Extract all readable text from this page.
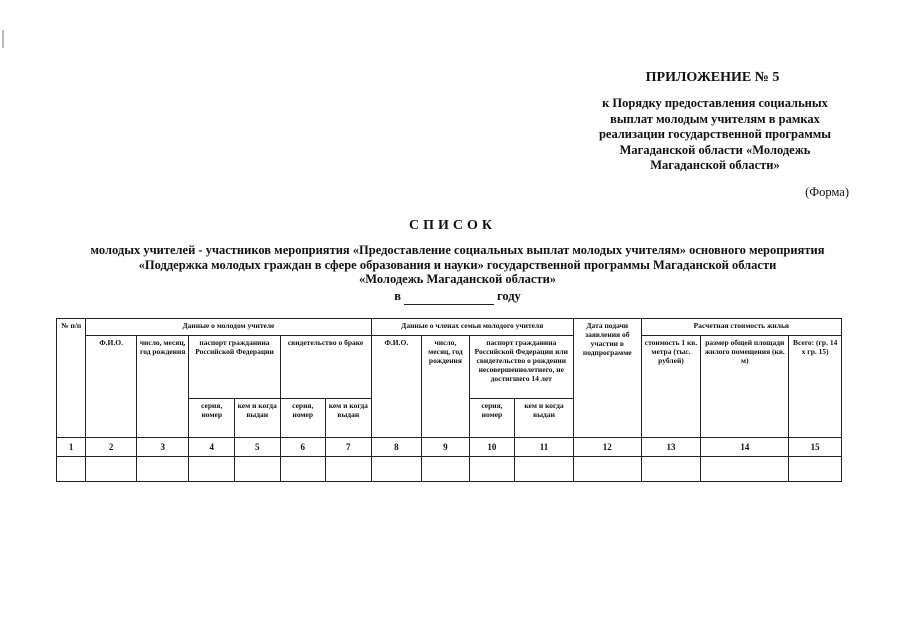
ПРИЛОЖЕНИЕ № 5
к Порядку предоставления социальных
выплат молодым учителям в рамках
реализации государственной программы
Магаданской области «Молодежь
Магаданской области»
(Форма)
СПИСОК
молодых учителей - участников мероприятия «Предоставление социальных выплат молодых учителям» основного мероприятия
«Поддержка молодых граждан в сфере образования и науки» государственной программы Магаданской области
«Молодежь Магаданской области»
в	году
№ п/п	Данные о молодом учителе						Данные о членах семьи молодого учителя				Дата подачи заявления об участии в подпрограмме	Расчетная стоимость жилья		
	Ф.И.О.	число, месяц, год рождения	паспорт гражданина Российской Федерации		свидетельство о браке		Ф.И.О.	число, месяц, год рождения	паспорт гражданина Российской Федерации или свидетельство о рождении несовершеннолетнего, не достигшего 14 лет			стоимость 1 кв. метра (тыс. рублей)	размер общей площади жилого помещения (кв. м)	Всего: (гр. 14 х гр. 15)
			серия, номер	кем и когда выдан	серия, номер	кем и когда выдан			серия, номер	кем и когда выдан				
1	2	3	4	5	6	7	8	9	10	11	12	13	14	15
